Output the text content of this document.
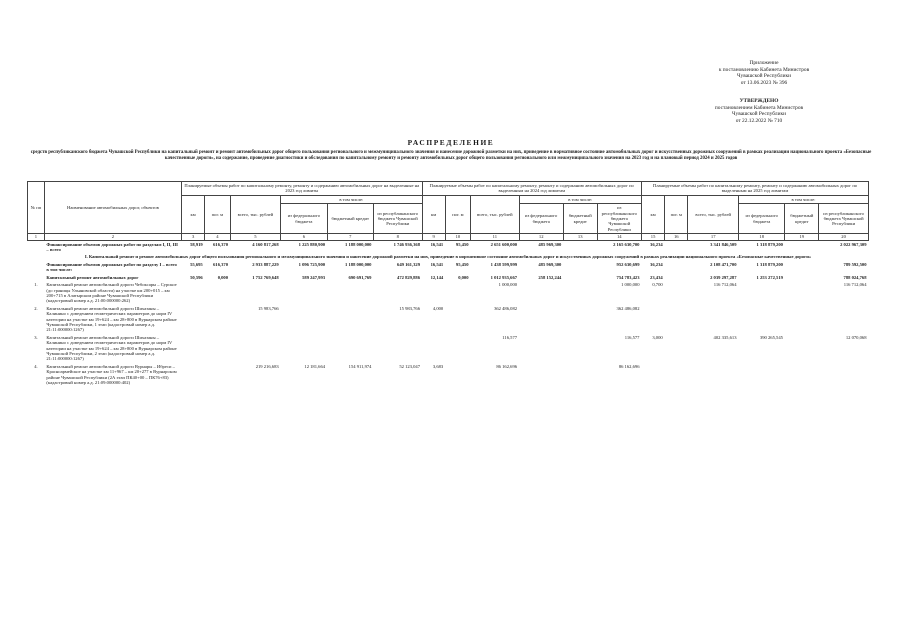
Приложение
к постановлению Кабинета Министров
Чувашской Республики
от 13.06.2023 № 396
УТВЕРЖДЕНО
постановлением Кабинета Министров
Чувашской Республики
от 22.12.2022 № 710
РАСПРЕДЕЛЕНИЕ
средств республиканского бюджета Чувашской Республики на капитальный ремонт и ремонт автомобильных дорог общего пользования регионального и межмуниципального значения и нанесение дорожной разметки на них, приведение в нормативное состояние автомобильных дорог и искусственных дорожных сооружений в рамках реализации национального проекта «Безопасные качественные дороги», на содержание, проведение диагностики и обследования по капитальному ремонту и ремонту автомобильных дорог общего пользования регионального или межмуниципального значения на 2023 год и на плановый период 2024 и 2025 годов
№ пп	Наименование автомобильных дорог, объектов	Планируемые объемы работ по капитальному ремонту, ремонту и содержанию автомобильных дорог на выделенные на 2023 год лимиты						Планируемые объемы работ по капитальному ремонту, ремонту и содержанию автомобильных дорог по выделенным на 2024 год лимитам						Планируемые объемы работ по капитальному ремонту, ремонту и содержанию автомобильных дорог по выделенным на 2025 год лимитам					
		км	пог. м	всего, тыс. рублей	в том числе:			км	пог. м	всего, тыс. рублей	в том числе:			км	пог. м	всего, тыс. рублей	в том числе:		
					из федерального бюджета	бюджетный кредит	из республиканского бюджета Чувашской Республики				из федерального бюджета	бюджетный кредит	из республиканского бюджета Чувашской Республики				из федерального бюджета	бюджетный кредит	из республиканского бюджета Чувашской Республики
1	2	3	4	5	6	7	8	9	10	11	12	13	14	15	16	17	18	19	20
	Финансирование объемов дорожных работ по разделам I, II, III – всего	58,919	616,370	4 160 817,268	1 225 880,900	1 188 000,000	1 746 936,368	16,541	95,450	2 651 600,000	485 969,300		2 165 630,700	36,234		3 341 846,509	1 318 879,200		2 022 967,309
I. Капитальный ремонт и ремонт автомобильных дорог общего пользования регионального и межмуниципального значения и нанесение дорожной разметки на них, приведение в нормативное состояние автомобильных дорог и искусственных дорожных сооружений в рамках реализации национального проекта «Безопасные качественные дороги»																			
	Финансирование объемов дорожных работ по разделу I – всего в том числе:	55,695	616,370	2 933 887,229	1 096 725,900	1 188 000,000	649 161,329	16,541	95,450	1 438 599,999	485 969,300		952 630,699	36,234		2 108 471,700	1 318 879,200		789 592,500
	Капитальный ремонт автомобильных дорог	50,596	0,000	1 752 769,648	589 247,993	690 691,769	472 829,886	12,144	0,000	1 012 935,667	258 152,244		754 783,423	23,434		2 039 297,287	1 253 272,519		788 024,768
1.	Капитальный ремонт автомобильной дороги Чебоксары – Сурское (до границы Ульяновской области) на участке км 200+015 – км 200+715 в Алатырском районе Чувашской Республики (кадастровый номер а.д. 21:00:000000:262)									1 000,000			1 000,000	0,700		116 712,064			116 712,064
2.	Капитальный ремонт автомобильной дороги Шихазаны – Калинино с доведением геометрических параметров до норм IV категории на участке км 19+624 – км 28+800 в Вурнарском районе Чувашской Республики, 1 этап (кадастровый номер а.д. 21:11:000000:1267)			15 983,766			15 983,766	4,000		362 486,082			362 486,082						
3.	Капитальный ремонт автомобильной дороги Шихазаны – Калинино с доведением геометрических параметров до норм IV категории на участке км 19+624 – км 28+800 в Вурнарском районе Чувашской Республики, 2 этап (кадастровый номер а.д. 21:11:000000:1267)									116,577			116,577	3,000		402 335,613	390 265,545		12 070,068
4.	Капитальный ремонт автомобильной дороги Вурнары – Ибреси – Красноармейское на участке км 11+967 – км 20+277 в Вурнарском районе Чувашской Республики (2А этап ПК40+00 – ПК76+83) (кадастровый номер а.д. 21:09:000000:402)			219 216,683	12 181,664	154 911,974	52 123,047	3,683		86 162,696			86 162,696						
